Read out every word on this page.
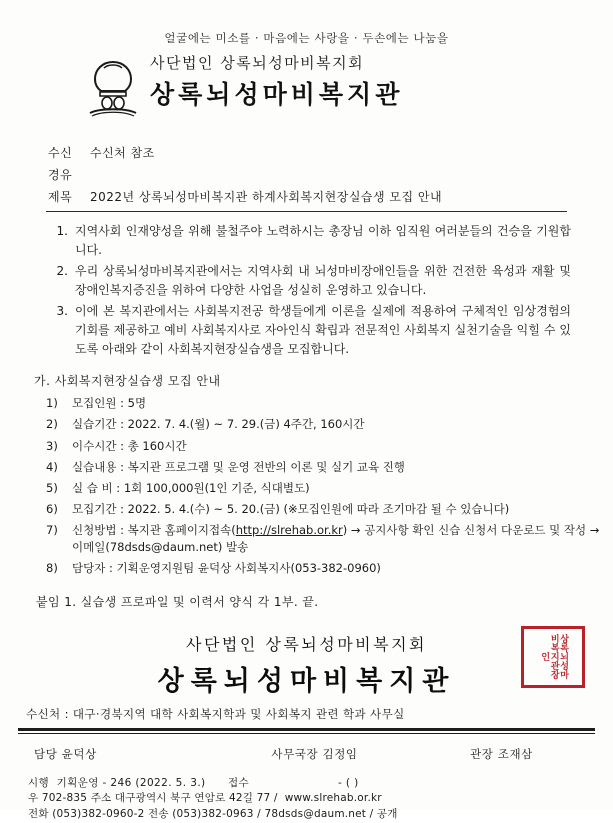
얼굴에는 미소를 · 마음에는 사랑을 · 두손에는 나눔을
사단법인 상록뇌성마비복지회
상록뇌성마비복지관
수신	수신처 참조
경유
제목	2022년 상록뇌성마비복지관 하계사회복지현장실습생 모집 안내
1. 지역사회 인재양성을 위해 불철주야 노력하시는 총장님 이하 임직원 여러분들의 건승을 기원합니다.
2. 우리 상록뇌성마비복지관에서는 지역사회 내 뇌성마비장애인들을 위한 건전한 육성과 재활 및 장애인복지증진을 위하여 다양한 사업을 성실히 운영하고 있습니다.
3. 이에 본 복지관에서는 사회복지전공 학생들에게 이론을 실제에 적용하여 구체적인 임상경험의 기회를 제공하고 예비 사회복지사로 자아인식 확립과 전문적인 사회복지 실천기술을 익힐 수 있도록 아래와 같이 사회복지현장실습생을 모집합니다.
가. 사회복지현장실습생 모집 안내
1)	모집인원 : 5명
2)	실습기간 : 2022. 7. 4.(월) ~ 7. 29.(금) 4주간, 160시간
3)	이수시간 : 총 160시간
4)	실습내용 : 복지관 프로그램 및 운영 전반의 이론 및 실기 교육 진행
5)	실 습 비 : 1회 100,000원(1인 기준, 식대별도)
6)	모집기간 : 2022. 5. 4.(수) ~ 5. 20.(금) (※모집인원에 따라 조기마감 될 수 있습니다)
7)	신청방법 : 복지관 홈페이지접속(http://slrehab.or.kr) → 공지사항 확인 신습 신청서 다운로드 및 작성 → 이메일(78dsds@daum.net) 발송
8)	담당자 : 기획운영지원팀 윤덕상 사회복지사(053-382-0960)
붙임 1. 실습생 프로파일 및 이력서 양식 각 1부. 끝.
사단법인 상록뇌성마비복지회
상록뇌성마비복지관
상록뇌성마비복지관장인
수신처 : 대구·경북지역 대학 사회복지학과 및 사회복지 관련 학과 사무실
담당 윤덕상	사무국장 김정임	관장 조재삼
시행 기획운영 - 246 (2022. 5. 3.)	접수	- ( )
우 702-835 주소 대구광역시 북구 연암로 42길 77 / www.slrehab.or.kr
전화 (053)382-0960-2 전송 (053)382-0963 / 78dsds@daum.net / 공개
